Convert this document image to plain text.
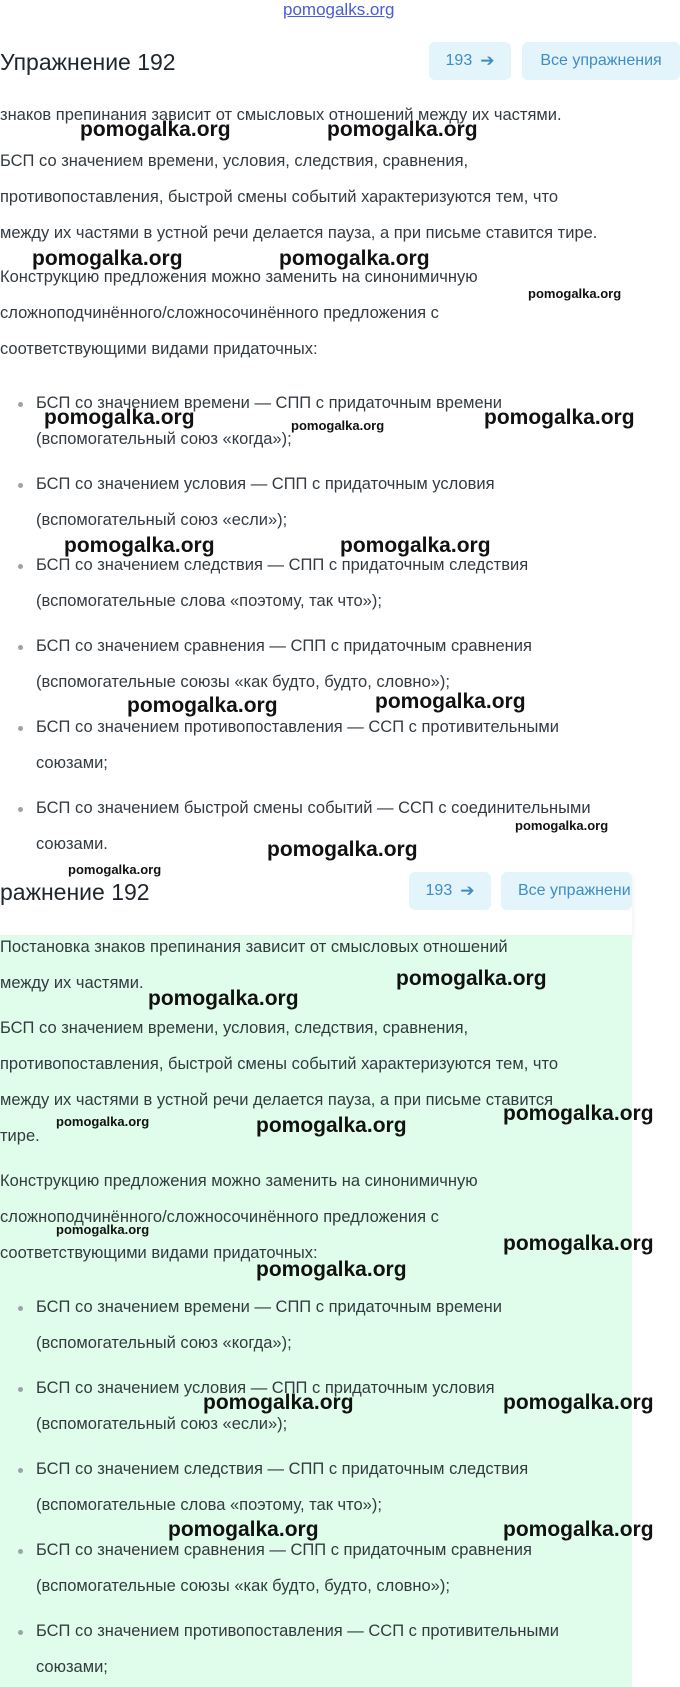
pomogalks.org
Упражнение 192	193 ➔	Все упражнения
знаков препинания зависит от смысловых отношений между их частями.
БСП со значением времени, условия, следствия, сравнения,
противопоставления, быстрой смены событий характеризуются тем, что
между их частями в устной речи делается пауза, а при письме ставится тире.
Конструкцию предложения можно заменить на синонимичную
сложноподчинённого/сложносочинённого предложения с
соответствующими видами придаточных:
БСП со значением времени — СПП с придаточным времени
(вспомогательный союз «когда»);
БСП со значением условия — СПП с придаточным условия
(вспомогательный союз «если»);
БСП со значением следствия — СПП с придаточным следствия
(вспомогательные слова «поэтому, так что»);
БСП со значением сравнения — СПП с придаточным сравнения
(вспомогательные союзы «как будто, будто, словно»);
БСП со значением противопоставления — ССП с противительными
союзами;
БСП со значением быстрой смены событий — ССП с соединительными
союзами.
ражнение 192	193 ➔	Все упражнени
Постановка знаков препинания зависит от смысловых отношений
между их частями.
БСП со значением времени, условия, следствия, сравнения,
противопоставления, быстрой смены событий характеризуются тем, что
между их частями в устной речи делается пауза, а при письме ставится
тире.
Конструкцию предложения можно заменить на синонимичную
сложноподчинённого/сложносочинённого предложения с
соответствующими видами придаточных:
БСП со значением времени — СПП с придаточным времени
(вспомогательный союз «когда»);
БСП со значением условия — СПП с придаточным условия
(вспомогательный союз «если»);
БСП со значением следствия — СПП с придаточным следствия
(вспомогательные слова «поэтому, так что»);
БСП со значением сравнения — СПП с придаточным сравнения
(вспомогательные союзы «как будто, будто, словно»);
БСП со значением противопоставления — ССП с противительными
союзами;
pomogalka.org	pomogalka.org
pomogalka.org	pomogalka.org
pomogalka.org
pomogalka.org	pomogalka.org	pomogalka.org
pomogalka.org	pomogalka.org
pomogalka.org	pomogalka.org
pomogalka.org
pomogalka.org
pomogalka.org
pomogalka.org
pomogalka.org
pomogalka.org
pomogalka.org	pomogalka.org
pomogalka.org
pomogalka.org
pomogalka.org
pomogalka.org	pomogalka.org
pomogalka.org	pomogalka.org
